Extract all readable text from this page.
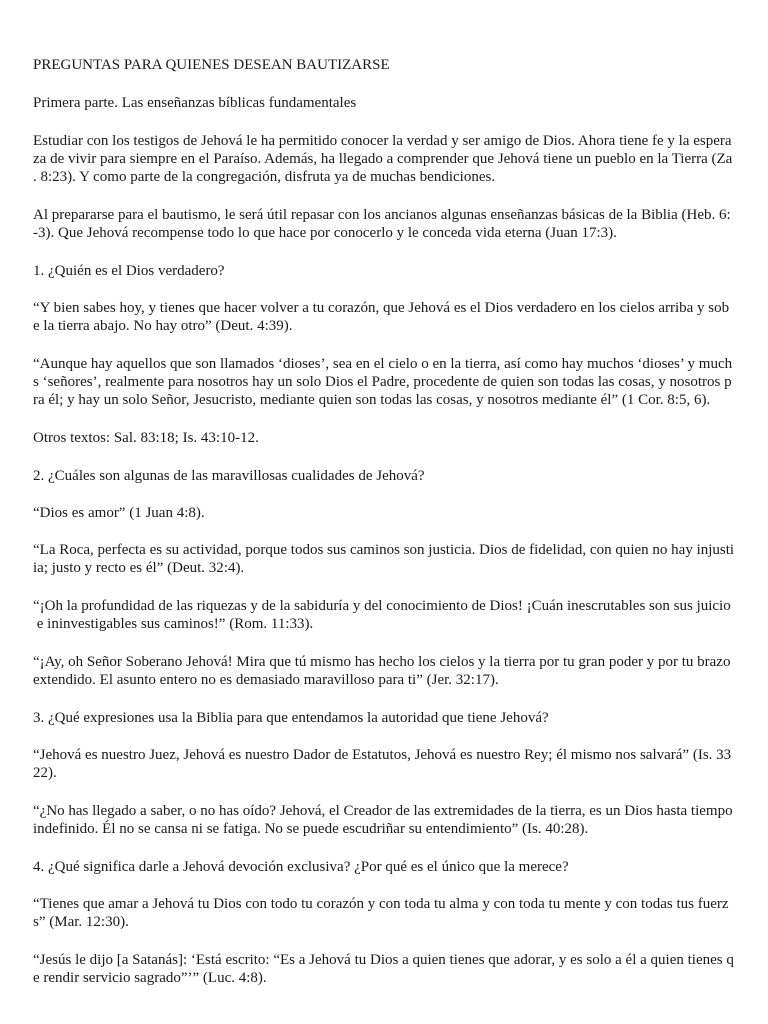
PREGUNTAS PARA QUIENES DESEAN BAUTIZARSE

Primera parte. Las enseñanzas bíblicas fundamentales

Estudiar con los testigos de Jehová le ha permitido conocer la verdad y ser amigo de Dios. Ahora tiene fe y la espera
za de vivir para siempre en el Paraíso. Además, ha llegado a comprender que Jehová tiene un pueblo en la Tierra (Za
. 8:23). Y como parte de la congregación, disfruta ya de muchas bendiciones.

Al prepararse para el bautismo, le será útil repasar con los ancianos algunas enseñanzas básicas de la Biblia (Heb. 6:
-3). Que Jehová recompense todo lo que hace por conocerlo y le conceda vida eterna (Juan 17:3).

1. ¿Quién es el Dios verdadero?

“Y bien sabes hoy, y tienes que hacer volver a tu corazón, que Jehová es el Dios verdadero en los cielos arriba y sob
e la tierra abajo. No hay otro” (Deut. 4:39).

“Aunque hay aquellos que son llamados ‘dioses’, sea en el cielo o en la tierra, así como hay muchos ‘dioses’ y much
s ‘señores’, realmente para nosotros hay un solo Dios el Padre, procedente de quien son todas las cosas, y nosotros p
ra él; y hay un solo Señor, Jesucristo, mediante quien son todas las cosas, y nosotros mediante él” (1 Cor. 8:5, 6).

Otros textos: Sal. 83:18; Is. 43:10-12.

2. ¿Cuáles son algunas de las maravillosas cualidades de Jehová?

“Dios es amor” (1 Juan 4:8).

“La Roca, perfecta es su actividad, porque todos sus caminos son justicia. Dios de fidelidad, con quien no hay injusti
ia; justo y recto es él” (Deut. 32:4).

“¡Oh la profundidad de las riquezas y de la sabiduría y del conocimiento de Dios! ¡Cuán inescrutables son sus juicio
e ininvestigables sus caminos!” (Rom. 11:33).

“¡Ay, oh Señor Soberano Jehová! Mira que tú mismo has hecho los cielos y la tierra por tu gran poder y por tu brazo
extendido. El asunto entero no es demasiado maravilloso para ti” (Jer. 32:17).

3. ¿Qué expresiones usa la Biblia para que entendamos la autoridad que tiene Jehová?

“Jehová es nuestro Juez, Jehová es nuestro Dador de Estatutos, Jehová es nuestro Rey; él mismo nos salvará” (Is. 33
22).

“¿No has llegado a saber, o no has oído? Jehová, el Creador de las extremidades de la tierra, es un Dios hasta tiempo
indefinido. Él no se cansa ni se fatiga. No se puede escudriñar su entendimiento” (Is. 40:28).

4. ¿Qué significa darle a Jehová devoción exclusiva? ¿Por qué es el único que la merece?

“Tienes que amar a Jehová tu Dios con todo tu corazón y con toda tu alma y con toda tu mente y con todas tus fuerz
s” (Mar. 12:30).

“Jesús le dijo [a Satanás]: ‘Está escrito: “Es a Jehová tu Dios a quien tienes que adorar, y es solo a él a quien tienes q
e rendir servicio sagrado”’” (Luc. 4:8).
